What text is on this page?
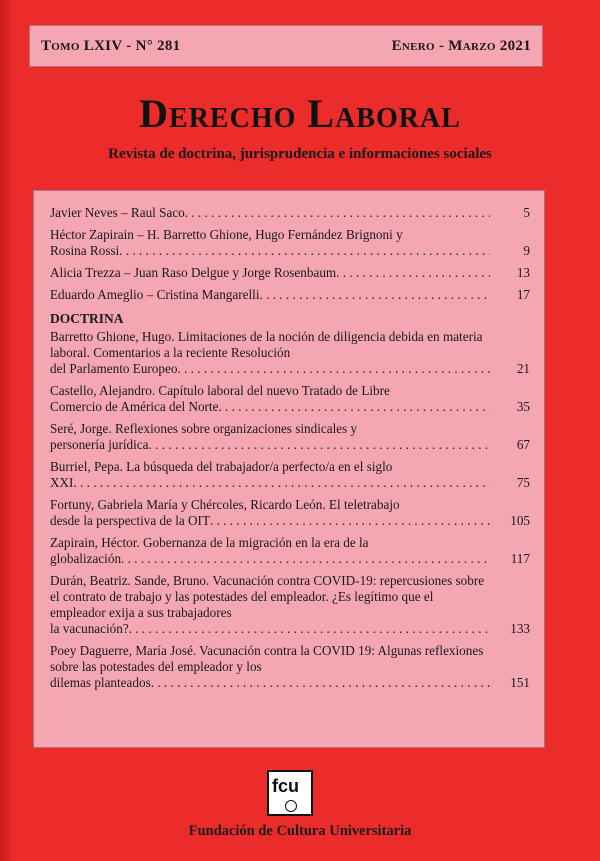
Tomo LXIV - N° 281	Enero - Marzo 2021
Derecho Laboral
Revista de doctrina, jurisprudencia e informaciones sociales
Javier Neves – Raul Saco . . .	5
Héctor Zapirain – H. Barretto Ghione, Hugo Fernández Brignoni y
Rosina Rossi . . .	9
Alicia Trezza – Juan Raso Delgue y Jorge Rosenbaum . . .	13
Eduardo Ameglio – Cristina Mangarelli . . .	17
DOCTRINA
Barretto Ghione, Hugo. Limitaciones de la noción de diligencia debida en materia laboral. Comentarios a la reciente Resolución
del Parlamento Europeo . . .	21
Castello, Alejandro. Capítulo laboral del nuevo Tratado de Libre
Comercio de América del Norte . . .	35
Seré, Jorge. Reflexiones sobre organizaciones sindicales y
personería jurídica . . .	67
Burriel, Pepa. La búsqueda del trabajador/a perfecto/a en el siglo
XXI . . .	75
Fortuny, Gabriela María y Chércoles, Ricardo León. El teletrabajo
desde la perspectiva de la OIT . . .	105
Zapirain, Héctor. Gobernanza de la migración en la era de la
globalización . . .	117
Durán, Beatriz. Sande, Bruno. Vacunación contra COVID-19: repercusiones sobre el contrato de trabajo y las potestades del empleador. ¿Es legítimo que el empleador exija a sus trabajadores
la vacunación? . . .	133
Poey Daguerre, María José. Vacunación contra la COVID 19: Algunas reflexiones sobre las potestades del empleador y los
dilemas planteados . . .	151
fcu
Fundación de Cultura Universitaria
